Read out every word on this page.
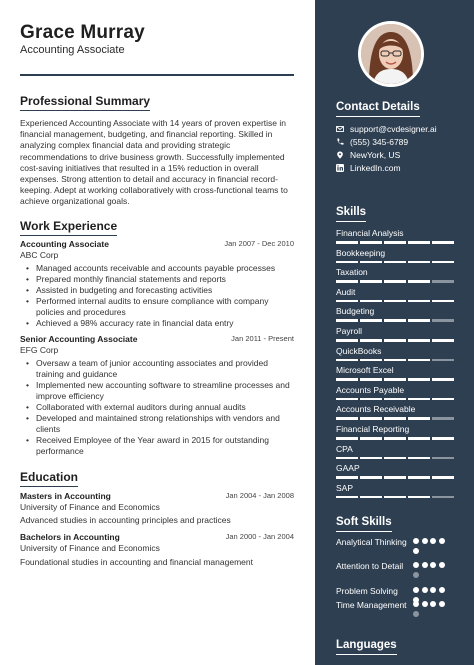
Grace Murray
Accounting Associate
Professional Summary
Experienced Accounting Associate with 14 years of proven expertise in financial management, budgeting, and financial reporting. Skilled in analyzing complex financial data and providing strategic recommendations to drive business growth. Successfully implemented cost-saving initiatives that resulted in a 15% reduction in overall expenses. Strong attention to detail and accuracy in financial record-keeping. Adept at working collaboratively with cross-functional teams to achieve organizational goals.
Work Experience
Accounting Associate	Jan 2007 - Dec 2010
ABC Corp
• Managed accounts receivable and accounts payable processes
• Prepared monthly financial statements and reports
• Assisted in budgeting and forecasting activities
• Performed internal audits to ensure compliance with company policies and procedures
• Achieved a 98% accuracy rate in financial data entry
Senior Accounting Associate	Jan 2011 - Present
EFG Corp
• Oversaw a team of junior accounting associates and provided training and guidance
• Implemented new accounting software to streamline processes and improve efficiency
• Collaborated with external auditors during annual audits
• Developed and maintained strong relationships with vendors and clients
• Received Employee of the Year award in 2015 for outstanding performance
Education
Masters in Accounting	Jan 2004 - Jan 2008
University of Finance and Economics
Advanced studies in accounting principles and practices
Bachelors in Accounting	Jan 2000 - Jan 2004
University of Finance and Economics
Foundational studies in accounting and financial management
Contact Details
support@cvdesigner.ai
(555) 345-6789
NewYork, US
LinkedIn.com
Skills
Financial Analysis
Bookkeeping
Taxation
Audit
Budgeting
Payroll
QuickBooks
Microsoft Excel
Accounts Payable
Accounts Receivable
Financial Reporting
CPA
GAAP
SAP
Soft Skills
Analytical Thinking
Attention to Detail
Problem Solving
Time Management
Languages
